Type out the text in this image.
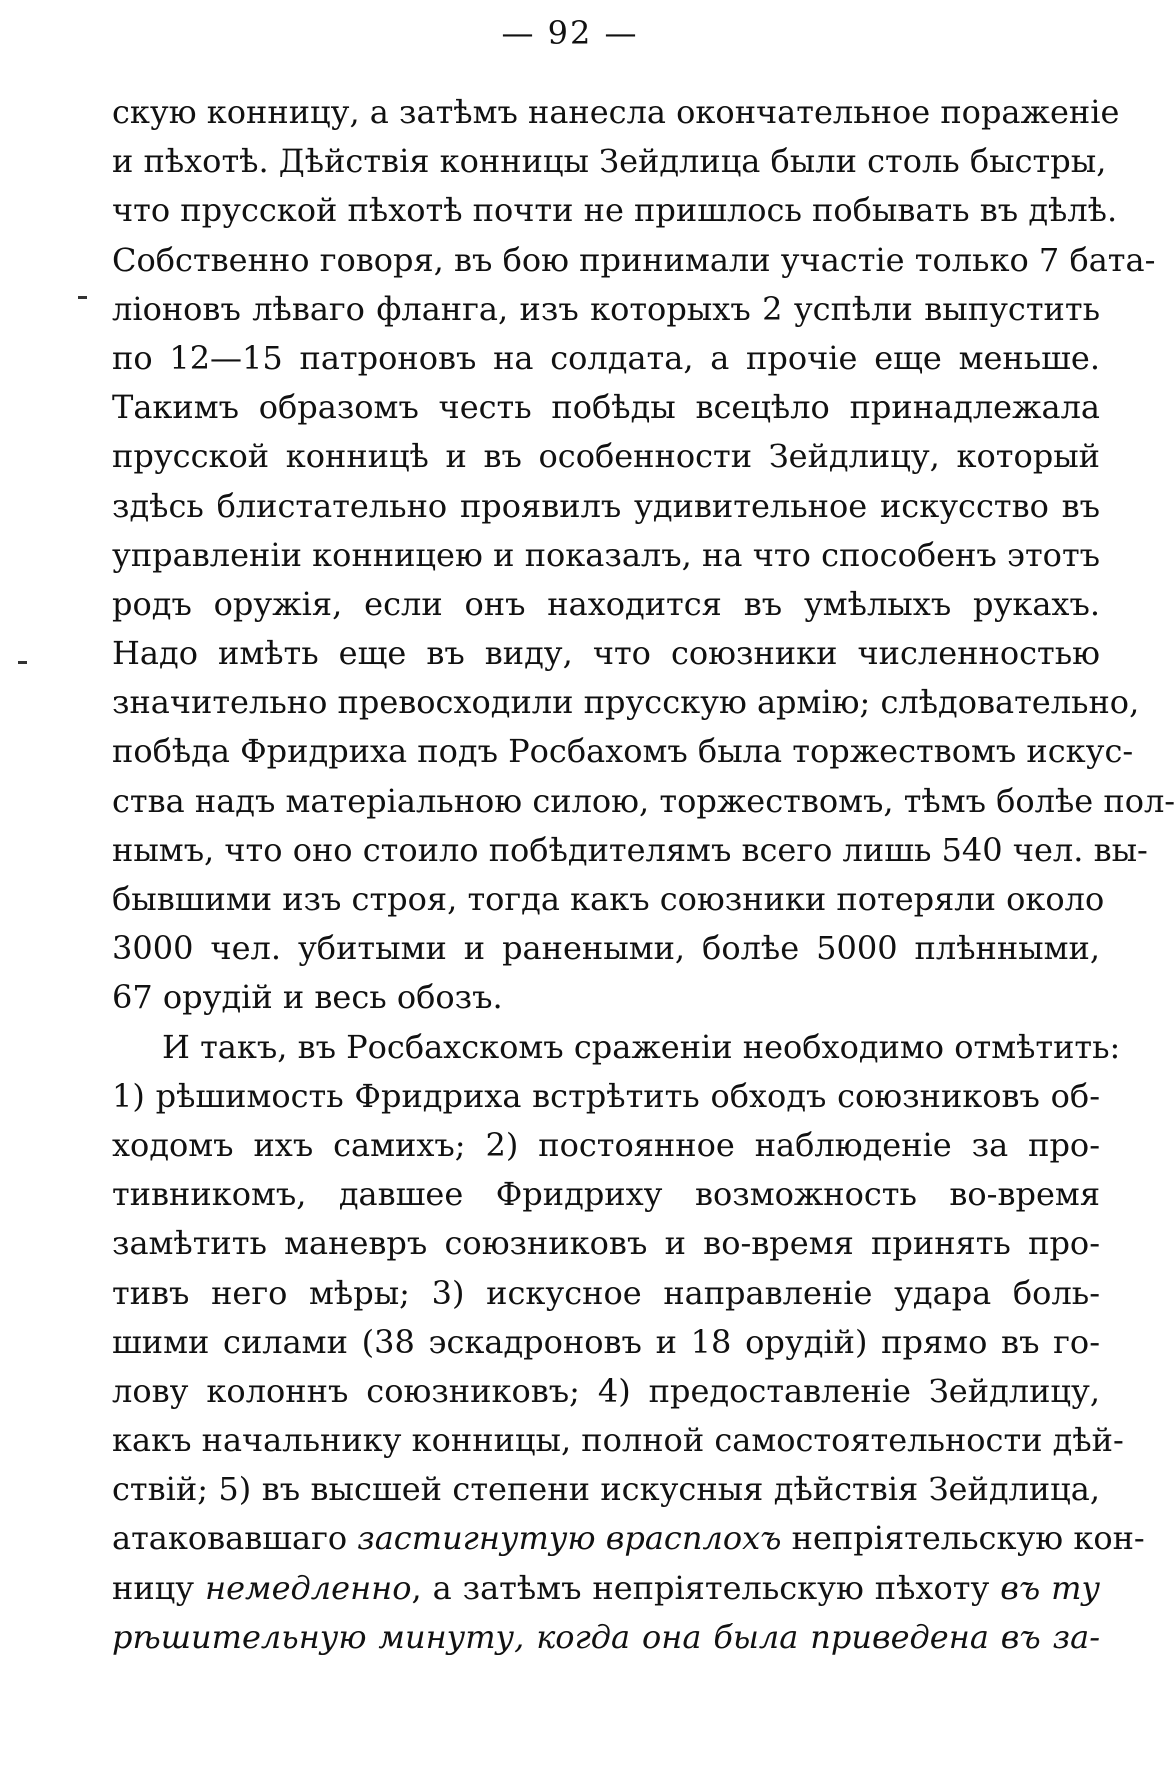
— 92 —
скую конницу, а затѣмъ нанесла окончательное пораженіе
и пѣхотѣ. Дѣйствія конницы Зейдлица были столь быстры,
что прусской пѣхотѣ почти не пришлось побывать въ дѣлѣ.
Собственно говоря, въ бою принимали участіе только 7 бата-
ліоновъ лѣваго фланга, изъ которыхъ 2 успѣли выпустить
по 12—15 патроновъ на солдата, а прочіе еще меньше.
Такимъ образомъ честь побѣды всецѣло принадлежала
прусской конницѣ и въ особенности Зейдлицу, который
здѣсь блистательно проявилъ удивительное искусство въ
управленіи конницею и показалъ, на что способенъ этотъ
родъ оружія, если онъ находится въ умѣлыхъ рукахъ.
Надо имѣть еще въ виду, что союзники численностью
значительно превосходили прусскую армію; слѣдовательно,
побѣда Фридриха подъ Росбахомъ была торжествомъ искус-
ства надъ матеріальною силою, торжествомъ, тѣмъ болѣе пол-
нымъ, что оно стоило побѣдителямъ всего лишь 540 чел. вы-
бывшими изъ строя, тогда какъ союзники потеряли около
3000 чел. убитыми и ранеными, болѣе 5000 плѣнными,
67 орудій и весь обозъ.
И такъ, въ Росбахскомъ сраженіи необходимо отмѣтить:
1) рѣшимость Фридриха встрѣтить обходъ союзниковъ об-
ходомъ ихъ самихъ; 2) постоянное наблюденіе за про-
тивникомъ, давшее Фридриху возможность во-время
замѣтить маневръ союзниковъ и во-время принять про-
тивъ него мѣры; 3) искусное направленіе удара боль-
шими силами (38 эскадроновъ и 18 орудій) прямо въ го-
лову колоннъ союзниковъ; 4) предоставленіе Зейдлицу,
какъ начальнику конницы, полной самостоятельности дѣй-
ствій; 5) въ высшей степени искусныя дѣйствія Зейдлица,
атаковавшаго застигнутую врасплохъ непріятельскую кон-
ницу немедленно, а затѣмъ непріятельскую пѣхоту въ ту
рѣшительную минуту, когда она была приведена въ за-
